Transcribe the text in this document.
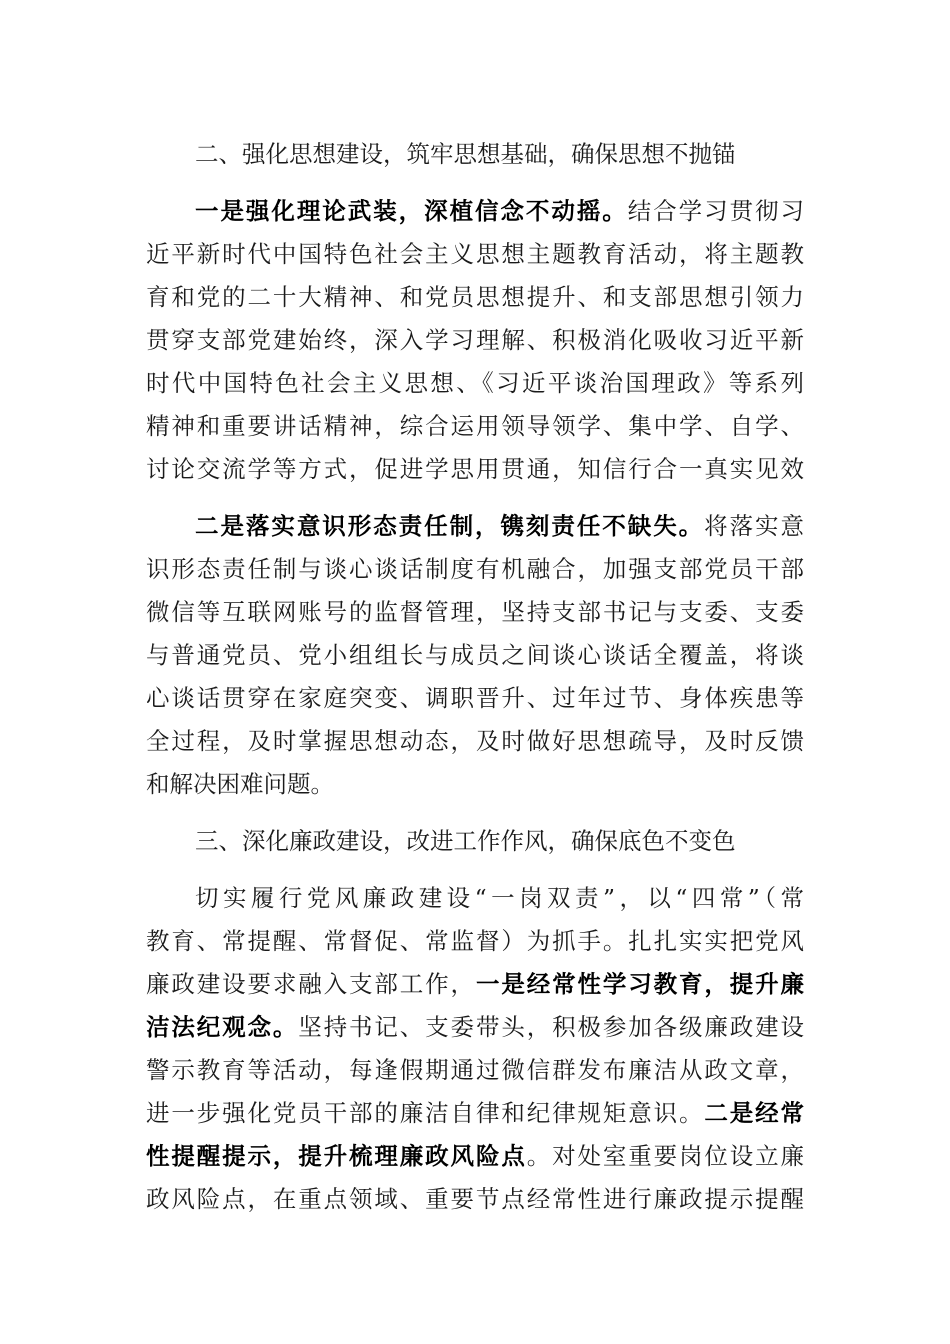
二、强化思想建设，筑牢思想基础，确保思想不抛锚
一是强化理论武装，深植信念不动摇。结合学习贯彻习
近平新时代中国特色社会主义思想主题教育活动，将主题教
育和党的二十大精神、和党员思想提升、和支部思想引领力
贯穿支部党建始终，深入学习理解、积极消化吸收习近平新
时代中国特色社会主义思想、《习近平谈治国理政》等系列
精神和重要讲话精神，综合运用领导领学、集中学、自学、
讨论交流学等方式，促进学思用贯通，知信行合一真实见效
二是落实意识形态责任制，镌刻责任不缺失。将落实意
识形态责任制与谈心谈话制度有机融合，加强支部党员干部
微信等互联网账号的监督管理，坚持支部书记与支委、支委
与普通党员、党小组组长与成员之间谈心谈话全覆盖，将谈
心谈话贯穿在家庭突变、调职晋升、过年过节、身体疾患等
全过程，及时掌握思想动态，及时做好思想疏导，及时反馈
和解决困难问题。
三、深化廉政建设，改进工作作风，确保底色不变色
切实履行党风廉政建设“一岗双责”，以“四常”（常
教育、常提醒、常督促、常监督）为抓手。扎扎实实把党风
廉政建设要求融入支部工作，一是经常性学习教育，提升廉
洁法纪观念。坚持书记、支委带头，积极参加各级廉政建设
警示教育等活动，每逢假期通过微信群发布廉洁从政文章，
进一步强化党员干部的廉洁自律和纪律规矩意识。二是经常
性提醒提示，提升梳理廉政风险点。对处室重要岗位设立廉
政风险点，在重点领域、重要节点经常性进行廉政提示提醒
